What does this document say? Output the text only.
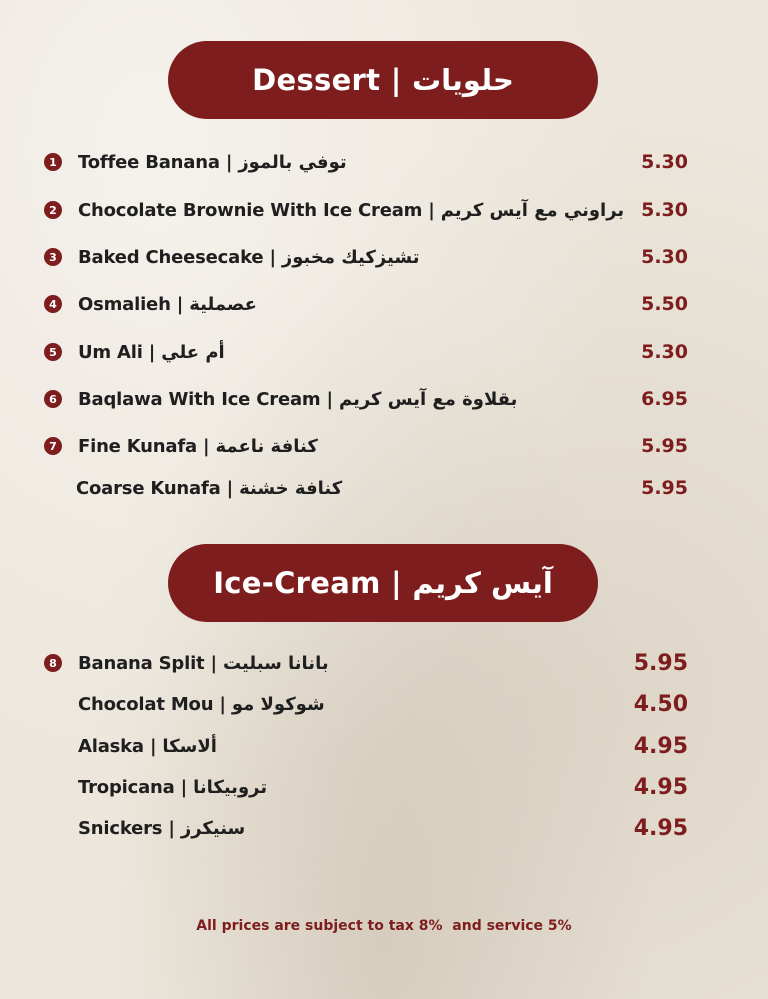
Dessert | حلويات
1 Toffee Banana | توفي بالموز	5.30
2 Chocolate Brownie With Ice Cream | براوني مع آيس كريم 5.30
3 Baked Cheesecake | تشيزكيك مخبوز	5.30
4 Osmalieh | عصملية	5.50
5 Um Ali | أم علي	5.30
6 Baqlawa With Ice Cream | بقلاوة مع آيس كريم	6.95
7 Fine Kunafa | كنافة ناعمة	5.95
Coarse Kunafa | كنافة خشنة	5.95
Ice-Cream | آيس كريم
8 Banana Split | بانانا سبليت	5.95
Chocolat Mou | شوكولا مو	4.50
Alaska | ألاسكا	4.95
Tropicana | تروبيكانا	4.95
Snickers | سنيكرز	4.95
All prices are subject to tax 8%  and service 5%
